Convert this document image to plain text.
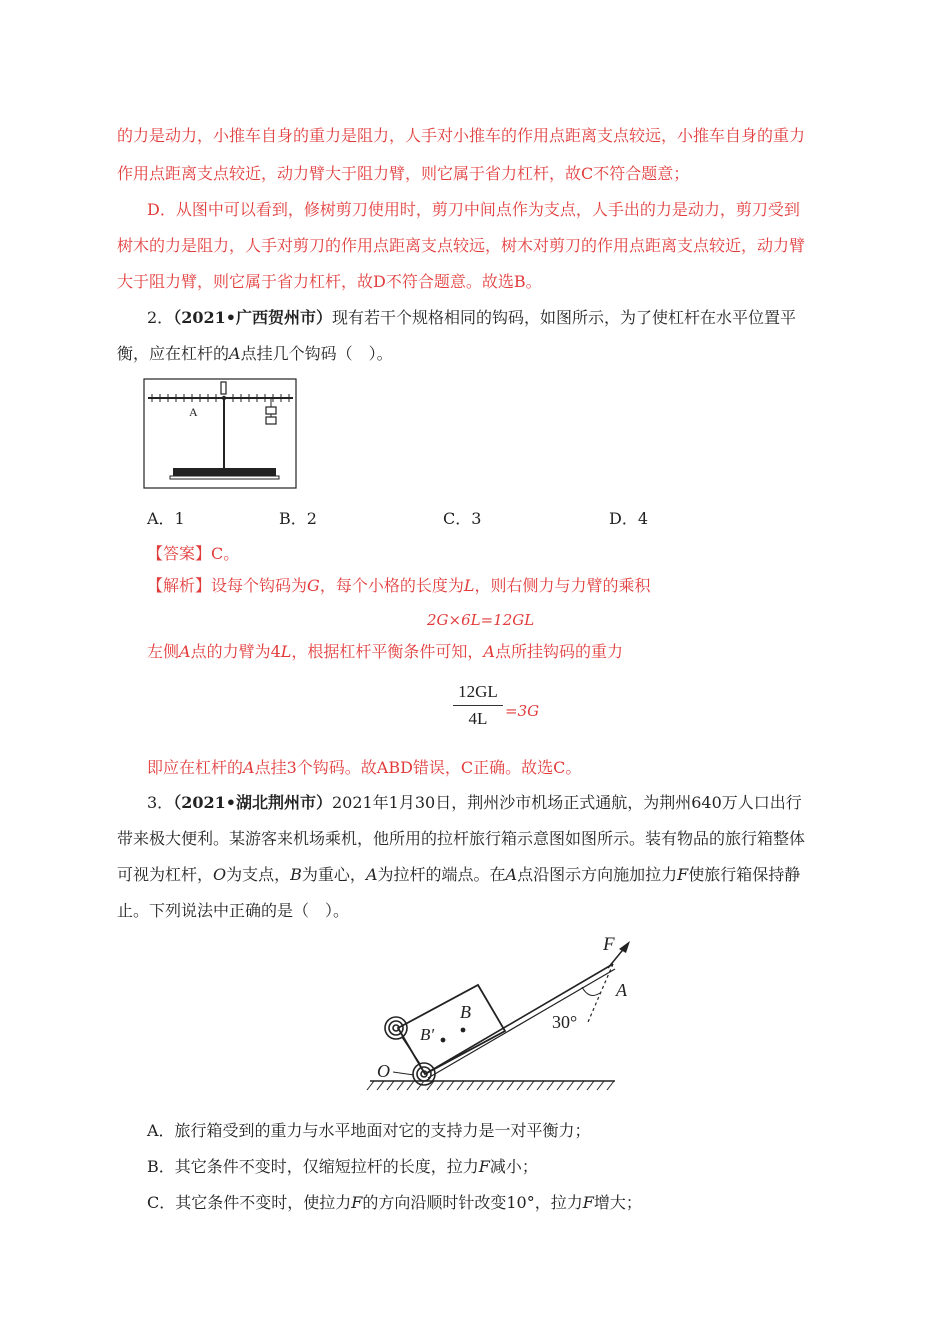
的力是动力，小推车自身的重力是阻力，人手对小推车的作用点距离支点较远，小推车自身的重力
作用点距离支点较近，动力臂大于阻力臂，则它属于省力杠杆，故C不符合题意；
D．从图中可以看到，修树剪刀使用时，剪刀中间点作为支点，人手出的力是动力，剪刀受到
树木的力是阻力，人手对剪刀的作用点距离支点较远，树木对剪刀的作用点距离支点较近，动力臂
大于阻力臂，则它属于省力杠杆，故D不符合题意。故选B。
2．（2021•广西贺州市）现有若干个规格相同的钩码，如图所示，为了使杠杆在水平位置平
衡，应在杠杆的A点挂几个钩码（　）。
A
A．1	B．2	C．3	D．4
【答案】C。
【解析】设每个钩码为G，每个小格的长度为L，则右侧力与力臂的乘积
2G×6L=12GL
左侧A点的力臂为4L，根据杠杆平衡条件可知，A点所挂钩码的重力
12GL
4L	=3G
即应在杠杆的A点挂3个钩码。故ABD错误，C正确。故选C。
3．（2021•湖北荆州市）2021年1月30日，荆州沙市机场正式通航，为荆州640万人口出行
带来极大便利。某游客来机场乘机，他所用的拉杆旅行箱示意图如图所示。装有物品的旅行箱整体
可视为杠杆，O为支点，B为重心，A为拉杆的端点。在A点沿图示方向施加拉力F使旅行箱保持静
止。下列说法中正确的是（　）。
F
A
B
B′
O
30°
A．旅行箱受到的重力与水平地面对它的支持力是一对平衡力；
B．其它条件不变时，仅缩短拉杆的长度，拉力F减小；
C．其它条件不变时，使拉力F的方向沿顺时针改变10°，拉力F增大；
